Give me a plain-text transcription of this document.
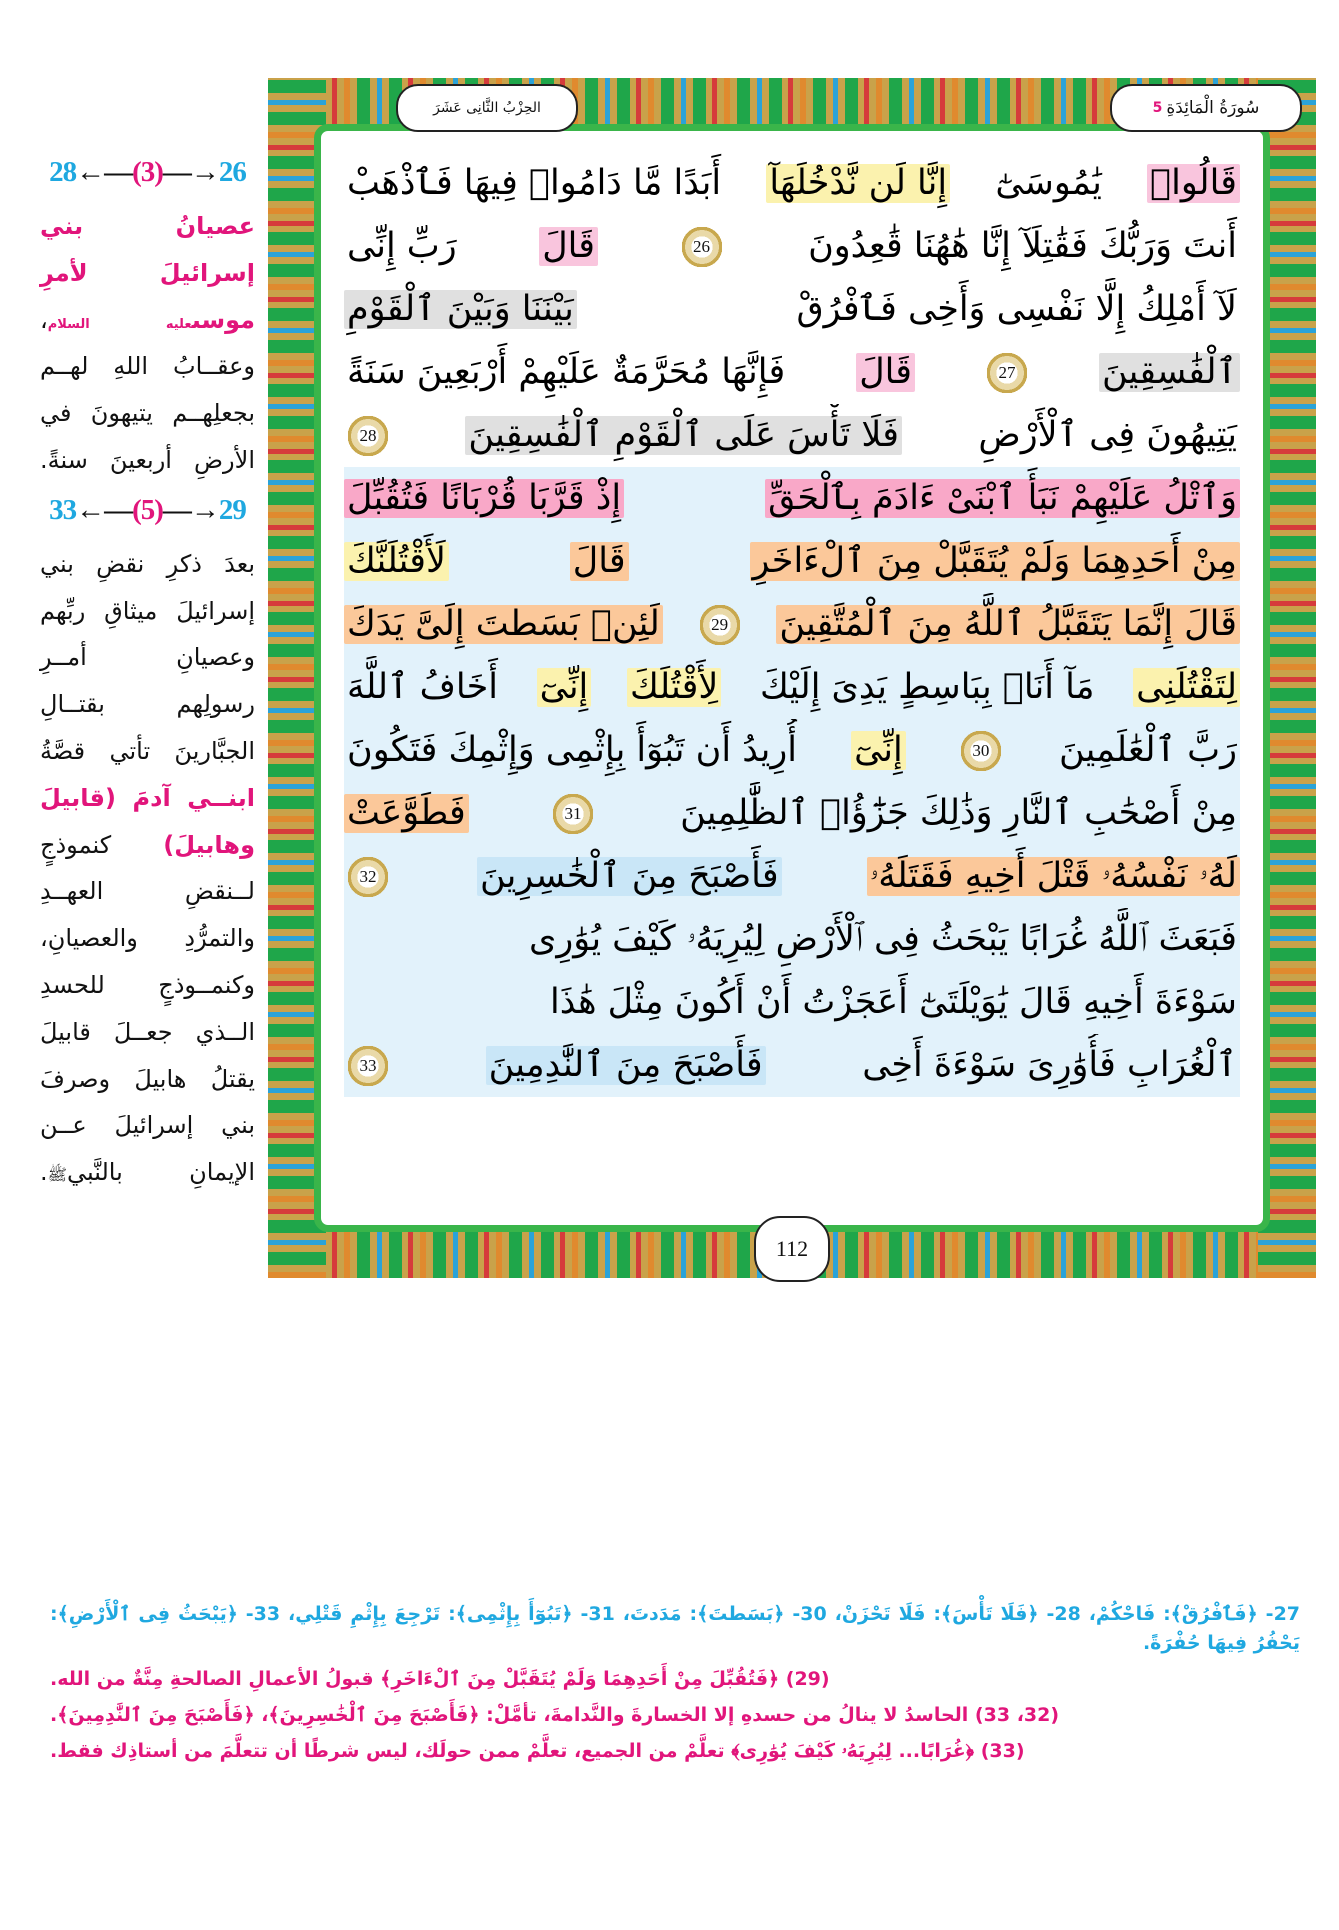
28←—(3)—→26
عصيانُ بني إسرائيلَ لأمرِ موسىعليه السلام، وعقــابُ اللهِ لهــم بجعلِهــم يتيهونَ في الأرضِ أربعينَ سنةً.
33←—(5)—→29
بعدَ ذكرِ نقضِ بني إسرائيلَ ميثاقِ ربِّهم وعصيانِ أمــرِ رسولِهم بقتــالِ الجبَّارينَ تأتي قصَّةُ ابنــي آدمَ (قابيلَ وهابيلَ) كنموذجٍ لــنقضِ العهــدِ والتمرُّدِ والعصيانِ، وكنمــوذجٍ للحسدِ الــذي جعــلَ قابيلَ يقتلُ هابيلَ وصرفَ بني إسرائيلَ عــن الإيمانِ بالنَّبيﷺ.
سُورَةُ الْمَائِدَةِ
5
الحِزْبُ الثَّانِى عَشَرَ
قَالُوا۟
يَٰمُوسَىٰٓ
إِنَّا لَن نَّدْخُلَهَآ
أَبَدًا مَّا دَامُوا۟ فِيهَا فَٱذْهَبْ
أَنتَ وَرَبُّكَ فَقَٰتِلَآ إِنَّا هَٰهُنَا قَٰعِدُونَ
26
قَالَ
رَبِّ إِنِّى
لَآ أَمْلِكُ إِلَّا نَفْسِى وَأَخِى فَٱفْرُقْ
بَيْنَنَا وَبَيْنَ ٱلْقَوْمِ
ٱلْفَٰسِقِينَ
27
قَالَ
فَإِنَّهَا مُحَرَّمَةٌ عَلَيْهِمْ أَرْبَعِينَ سَنَةً
يَتِيهُونَ فِى ٱلْأَرْضِ
فَلَا تَأْسَ عَلَى ٱلْقَوْمِ ٱلْفَٰسِقِينَ
28
وَٱتْلُ عَلَيْهِمْ نَبَأَ ٱبْنَىْ ءَادَمَ بِٱلْحَقِّ
إِذْ قَرَّبَا قُرْبَانًا فَتُقُبِّلَ
مِنْ أَحَدِهِمَا وَلَمْ يُتَقَبَّلْ مِنَ ٱلْءَاخَرِ
قَالَ
لَأَقْتُلَنَّكَ
قَالَ إِنَّمَا يَتَقَبَّلُ ٱللَّهُ مِنَ ٱلْمُتَّقِينَ
29
لَئِنۢ بَسَطتَ إِلَىَّ يَدَكَ
لِتَقْتُلَنِى
مَآ أَنَا۠ بِبَاسِطٍ يَدِىَ إِلَيْكَ
لِأَقْتُلَكَ
إِنِّىٓ
أَخَافُ ٱللَّهَ
رَبَّ ٱلْعَٰلَمِينَ
30
إِنِّىٓ
أُرِيدُ أَن تَبُوٓأَ بِإِثْمِى وَإِثْمِكَ فَتَكُونَ
مِنْ أَصْحَٰبِ ٱلنَّارِ وَذَٰلِكَ جَزَٰٓؤُا۟ ٱلظَّٰلِمِينَ
31
فَطَوَّعَتْ
لَهُۥ نَفْسُهُۥ قَتْلَ أَخِيهِ فَقَتَلَهُۥ
فَأَصْبَحَ مِنَ ٱلْخَٰسِرِينَ
32
فَبَعَثَ ٱللَّهُ غُرَابًا يَبْحَثُ فِى ٱلْأَرْضِ لِيُرِيَهُۥ كَيْفَ يُوَٰرِى
سَوْءَةَ أَخِيهِ قَالَ يَٰوَيْلَتَىٰٓ أَعَجَزْتُ أَنْ أَكُونَ مِثْلَ هَٰذَا
ٱلْغُرَابِ فَأُوَٰرِىَ سَوْءَةَ أَخِى
فَأَصْبَحَ مِنَ ٱلنَّٰدِمِينَ
33
112
27- ﴿فَٱفْرُقْ﴾: فَاحْكُمْ، 28- ﴿فَلَا تَأْسَ﴾: فَلَا تَحْزَنْ، 30- ﴿بَسَطتَ﴾: مَدَدتَ، 31- ﴿تَبُوٓأَ بِإِثْمِى﴾: تَرْجِعَ بِإِثْمِ قَتْلِي، 33- ﴿يَبْحَثُ فِى ٱلْأَرْضِ﴾: يَحْفُرُ فِيهَا حُفْرَةً.
(29) ﴿فَتُقُبِّلَ مِنْ أَحَدِهِمَا وَلَمْ يُتَقَبَّلْ مِنَ ٱلْءَاخَرِ﴾ قبولُ الأعمالِ الصالحةِ مِنَّةٌ من الله.
(32، 33) الحاسدُ لا ينالُ من حسدهِ إلا الخسارةَ والنَّدامةَ، تأمَّلْ: ﴿فَأَصْبَحَ مِنَ ٱلْخَٰسِرِينَ﴾، ﴿فَأَصْبَحَ مِنَ ٱلنَّٰدِمِينَ﴾.
(33) ﴿غُرَابًا... لِيُرِيَهُۥ كَيْفَ يُوَٰرِى﴾ تعلَّمْ من الجميع، تعلَّمْ ممن حولَك، ليس شرطًا أن تتعلَّمَ من أستاذِك فقط.
